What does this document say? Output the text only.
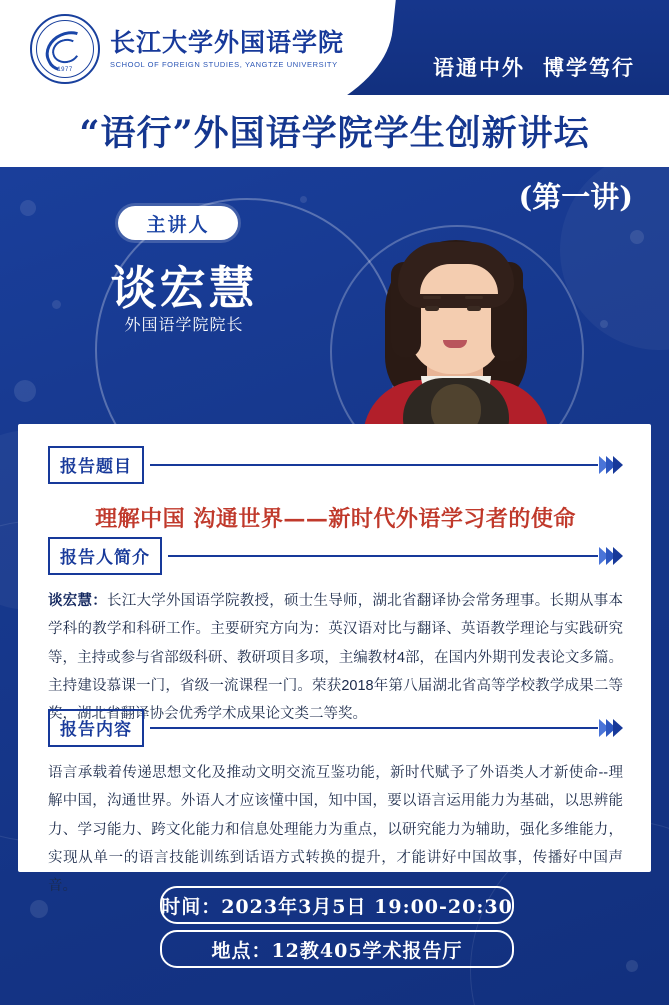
1977
长江大学外国语学院
SCHOOL OF FOREIGN STUDIES, YANGTZE UNIVERSITY	语通中外 博学笃行
“语行”外国语学院学生创新讲坛
(第一讲)
主讲人
谈宏慧
外国语学院院长
报告题目
理解中国 沟通世界——新时代外语学习者的使命
报告人简介
谈宏慧：长江大学外国语学院教授，硕士生导师，湖北省翻译协会常务理事。长期从事本学科的教学和科研工作。主要研究方向为：英汉语对比与翻译、英语教学理论与实践研究等，主持或参与省部级科研、教研项目多项，主编教材4部，在国内外期刊发表论文多篇。主持建设慕课一门，省级一流课程一门。荣获2018年第八届湖北省高等学校教学成果二等奖，湖北省翻译协会优秀学术成果论文类二等奖。
报告内容
语言承载着传递思想文化及推动文明交流互鉴功能，新时代赋予了外语类人才新使命--理解中国，沟通世界。外语人才应该懂中国，知中国，要以语言运用能力为基础，以思辨能力、学习能力、跨文化能力和信息处理能力为重点，以研究能力为辅助，强化多维能力，实现从单一的语言技能训练到话语方式转换的提升，才能讲好中国故事，传播好中国声音。
时间：2023年3月5日 19:00-20:30
地点：12教405学术报告厅
